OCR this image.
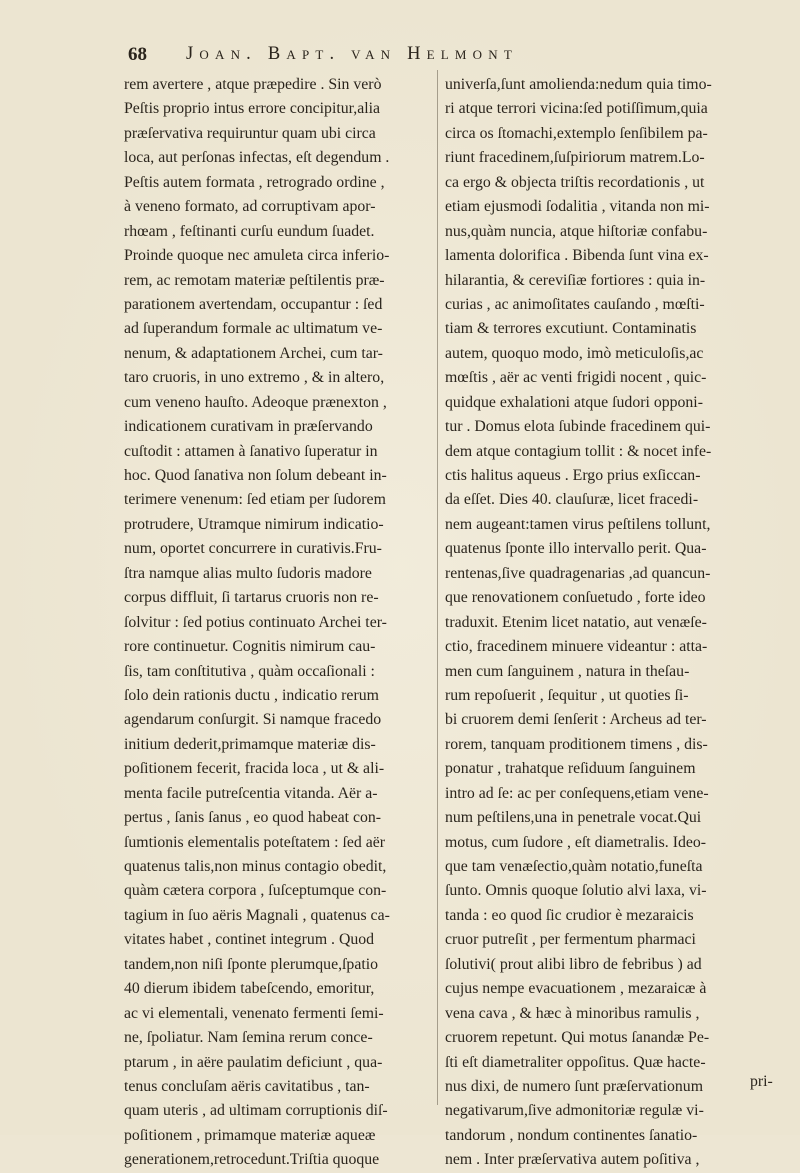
68 Joan. Bapt. van Helmont
rem avertere , atque præpedire . Sin verò
Peſtis proprio intus errore concipitur,alia
præſervativa requiruntur quam ubi circa
loca, aut perſonas infectas, eſt degendum .
Peſtis autem formata , retrogrado ordine ,
à veneno formato, ad corruptivam apor-
rhœam , feſtinanti curſu eundum ſuadet.
Proinde quoque nec amuleta circa inferio-
rem, ac remotam materiæ peſtilentis præ-
parationem avertendam, occupantur : ſed
ad ſuperandum formale ac ultimatum ve-
nenum, & adaptationem Archei, cum tar-
taro cruoris, in uno extremo , & in altero,
cum veneno hauſto. Adeoque prænexton ,
indicationem curativam in præſervando
cuſtodit : attamen à ſanativo ſuperatur in
hoc. Quod ſanativa non ſolum debeant in-
terimere venenum: ſed etiam per ſudorem
protrudere, Utramque nimirum indicatio-
num, oportet concurrere in curativis.Fru-
ſtra namque alias multo ſudoris madore
corpus diffluit, ſi tartarus cruoris non re-
ſolvitur : ſed potius continuato Archei ter-
rore continuetur. Cognitis nimirum cau-
ſis, tam conſtitutiva , quàm occaſionali :
ſolo dein rationis ductu , indicatio rerum
agendarum conſurgit. Si namque fracedo
initium dederit,primamque materiæ dis-
poſitionem fecerit, fracida loca , ut & ali-
menta facile putreſcentia vitanda. Aër a-
pertus , ſanis ſanus , eo quod habeat con-
ſumtionis elementalis poteſtatem : ſed aër
quatenus talis,non minus contagio obedit,
quàm cætera corpora , ſuſceptumque con-
tagium in ſuo aëris Magnali , quatenus ca-
vitates habet , continet integrum . Quod
tandem,non niſi ſponte plerumque,ſpatio
40 dierum ibidem tabeſcendo, emoritur,
ac vi elementali, venenato fermenti ſemi-
ne, ſpoliatur. Nam ſemina rerum conce-
ptarum , in aëre paulatim deficiunt , qua-
tenus concluſam aëris cavitatibus , tan-
quam uteris , ad ultimam corruptionis diſ-
poſitionem , primamque materiæ aqueæ
generationem,retrocedunt.Triſtia quoque
univerſa,ſunt amolienda:nedum quia timo-
ri atque terrori vicina:ſed potiſſimum,quia
circa os ſtomachi,extemplo ſenſibilem pa-
riunt fracedinem,ſuſpiriorum matrem.Lo-
ca ergo & objecta triſtis recordationis , ut
etiam ejusmodi ſodalitia , vitanda non mi-
nus,quàm nuncia, atque hiſtoriæ confabu-
lamenta dolorifica . Bibenda ſunt vina ex-
hilarantia, & cereviſiæ fortiores : quia in-
curias , ac animoſitates cauſando , mœſti-
tiam & terrores excutiunt. Contaminatis
autem, quoquo modo, imò meticuloſis,ac
mœſtis , aër ac venti frigidi nocent , quic-
quidque exhalationi atque ſudori opponi-
tur . Domus elota ſubinde fracedinem qui-
dem atque contagium tollit : & nocet infe-
ctis halitus aqueus . Ergo prius exſiccan-
da eſſet. Dies 40. clauſuræ, licet fracedi-
nem augeant:tamen virus peſtilens tollunt,
quatenus ſponte illo intervallo perit. Qua-
rentenas,ſive quadragenarias ,ad quancun-
que renovationem conſuetudo , forte ideo
traduxit. Etenim licet natatio, aut venæſe-
ctio, fracedinem minuere videantur : atta-
men cum ſanguinem , natura in theſau-
rum repoſuerit , ſequitur , ut quoties ſi-
bi cruorem demi ſenſerit : Archeus ad ter-
rorem, tanquam proditionem timens , dis-
ponatur , trahatque reſiduum ſanguinem
intro ad ſe: ac per conſequens,etiam vene-
num peſtilens,una in penetrale vocat.Qui
motus, cum ſudore , eſt diametralis. Ideo-
que tam venæſectio,quàm notatio,funeſta
ſunto. Omnis quoque ſolutio alvi laxa, vi-
tanda : eo quod ſic crudior è mezaraicis
cruor putreſit , per fermentum pharmaci
ſolutivi( prout alibi libro de febribus ) ad
cujus nempe evacuationem , mezaraicæ à
vena cava , & hæc à minoribus ramulis ,
cruorem repetunt. Qui motus ſanandæ Pe-
ſti eſt diametraliter oppoſitus. Quæ hacte-
nus dixi, de numero ſunt præſervationum
negativarum,ſive admonitoriæ regulæ vi-
tandorum , nondum continentes ſanatio-
nem . Inter præſervativa autem poſitiva ,
pri-
